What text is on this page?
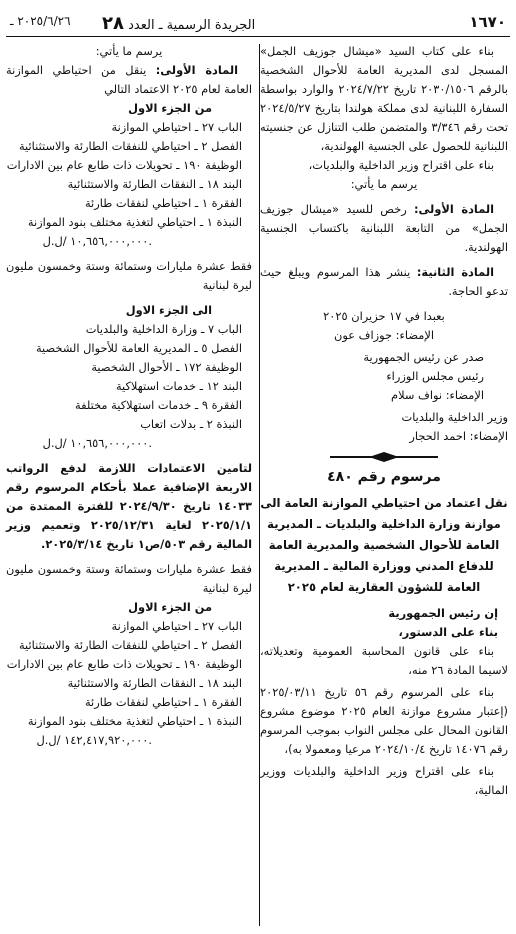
١٦٧٠
الجريدة الرسمية ـ العدد ٢٨
٢٠٢٥/٦/٢٦ ـ

بناء على كتاب السيد «ميشال جوزيف الجمل» المسجل لدى المديرية العامة للأحوال الشخصية بالرقم ٢٠٣٠/١٥٠٦ تاريخ ٢٠٢٤/٧/٢٢ والوارد بواسطة السفارة اللبنانية لدى مملكة هولندا بتاريخ ٢٠٢٤/٥/٢٧ تحت رقم ٣/٣٤٦ والمتضمن طلب التنازل عن جنسيته اللبنانية للحصول على الجنسية الهولندية،

بناء على اقتراح وزير الداخلية والبلديات،

يرسم ما يأتي:

المادة الأولى: رخص للسيد «ميشال جوزيف الجمل» من التابعة اللبنانية باكتساب الجنسية الهولندية.

المادة الثانية: ينشر هذا المرسوم ويبلغ حيث تدعو الحاجة.

بعبدا في ١٧ حزيران ٢٠٢٥

الإمضاء: جوزاف عون

صدر عن رئيس الجمهورية

رئيس مجلس الوزراء

الإمضاء: نواف سلام

وزير الداخلية والبلديات

الإمضاء: احمد الحجار

مرسوم رقم ٤٨٠

نقل اعتماد من احتياطي الموازنة العامة الى موازنة وزارة الداخلية والبلديات ـ المديرية العامة للأحوال الشخصية والمديرية العامة للدفاع المدني ووزارة المالية ـ المديرية العامة للشؤون العقارية لعام ٢٠٢٥

إن رئيس الجمهورية

بناء على الدستور،

بناء على قانون المحاسبة العمومية وتعديلاته، لاسيما المادة ٢٦ منه،

بناء على المرسوم رقم ٥٦ تاريخ ٢٠٢٥/٠٣/١١ (إعتبار مشروع موازنة العام ٢٠٢٥ موضوع مشروع القانون المحال على مجلس النواب بموجب المرسوم رقم ١٤٠٧٦ تاريخ ٢٠٢٤/١٠/٤ مرعيا ومعمولا به)،

بناء على اقتراح وزير الداخلية والبلديات ووزير المالية،

يرسم ما يأتي:

المادة الأولى: ينقل من احتياطي الموازنة العامة لعام ٢٠٢٥ الاعتماد التالي

من الجزء الاول

الباب ٢٧ ـ احتياطي الموازنة

الفصل ٢ ـ احتياطي للنفقات الطارئة والاستثنائية

الوظيفة ١٩٠ ـ تحويلات ذات طابع عام بين الادارات

البند ١٨ ـ النفقات الطارئة والاستثنائية

الفقرة ١ ـ احتياطي لنفقات طارئة

النبذة ١ ـ احتياطي لتغذية مختلف بنود الموازنة

١٠,٦٥٦,٠٠٠,٠٠٠ /ل.ل.

فقط عشرة مليارات وستمائة وستة وخمسون مليون ليرة لبنانية

الى الجزء الاول

الباب ٧ ـ وزارة الداخلية والبلديات

الفصل ٥ ـ المديرية العامة للأحوال الشخصية

الوظيفة ١٧٢ ـ الأحوال الشخصية

البند ١٢ ـ خدمات استهلاكية

الفقرة ٩ ـ خدمات استهلاكية مختلفة

النبذة ٢ ـ بدلات اتعاب

١٠,٦٥٦,٠٠٠,٠٠٠ /ل.ل.

لتامين الاعتمادات اللازمة لدفع الرواتب الاربعة الإضافية عملا بأحكام المرسوم رقم ١٤٠٣٣ تاريخ ٢٠٢٤/٩/٣٠ للفترة الممتدة من ٢٠٢٥/١/١ لغاية ٢٠٢٥/١٢/٣١ وتعميم وزير المالية رقم ٥٠٣/ص١ تاريخ ٢٠٢٥/٣/١٤.

فقط عشرة مليارات وستمائة وستة وخمسون مليون ليرة لبنانية

من الجزء الاول

الباب ٢٧ ـ احتياطي الموازنة

الفصل ٢ ـ احتياطي للنفقات الطارئة والاستثنائية

الوظيفة ١٩٠ ـ تحويلات ذات طابع عام بين الادارات

البند ١٨ ـ النفقات الطارئة والاستثنائية

الفقرة ١ ـ احتياطي لنفقات طارئة

النبذة ١ ـ احتياطي لتغذية مختلف بنود الموازنة

١٤٢,٤١٧,٩٢٠,٠٠٠ /ل.ل.
